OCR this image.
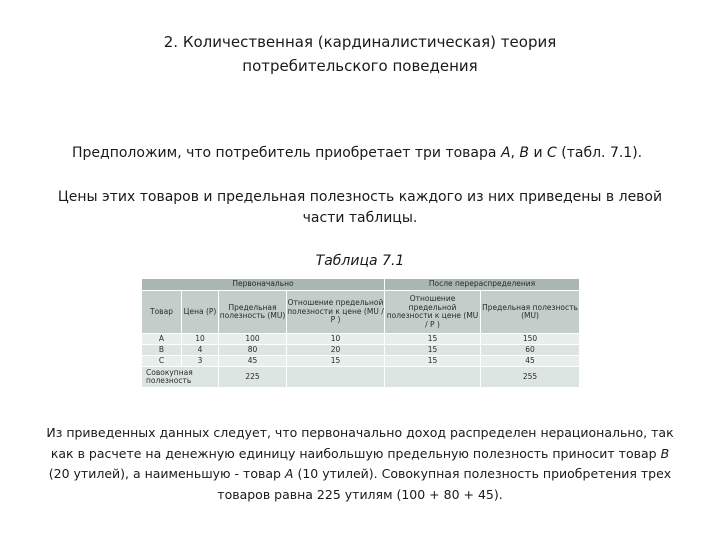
2. Количественная (кардиналистическая) теория
потребительского поведения
Предположим, что потребитель приобретает три товара А, В и С (табл. 7.1).
Цены этих товаров и предельная полезность каждого из них приведены в левой части таблицы.
Таблица 7.1
Первоначально				После перераспределения	
Товар	Цена (Р)	Предельная полезность (MU)	Отношение предельной полезности к цене (MU / P )	Отношение предельной полезности к цене (MU / P )	Предельная полезность (MU)
А	10	100	10	15	150
В	4	80	20	15	60
С	3	45	15	15	45
Совокупная полезность		225			255
Из приведенных данных следует, что первоначально доход распределен нерационально, так как в расчете на денежную единицу наибольшую предельную полезность приносит товар В (20 утилей), а наименьшую - товар А (10 утилей). Совокупная полезность приобретения трех товаров равна 225 утилям (100 + 80 + 45).
